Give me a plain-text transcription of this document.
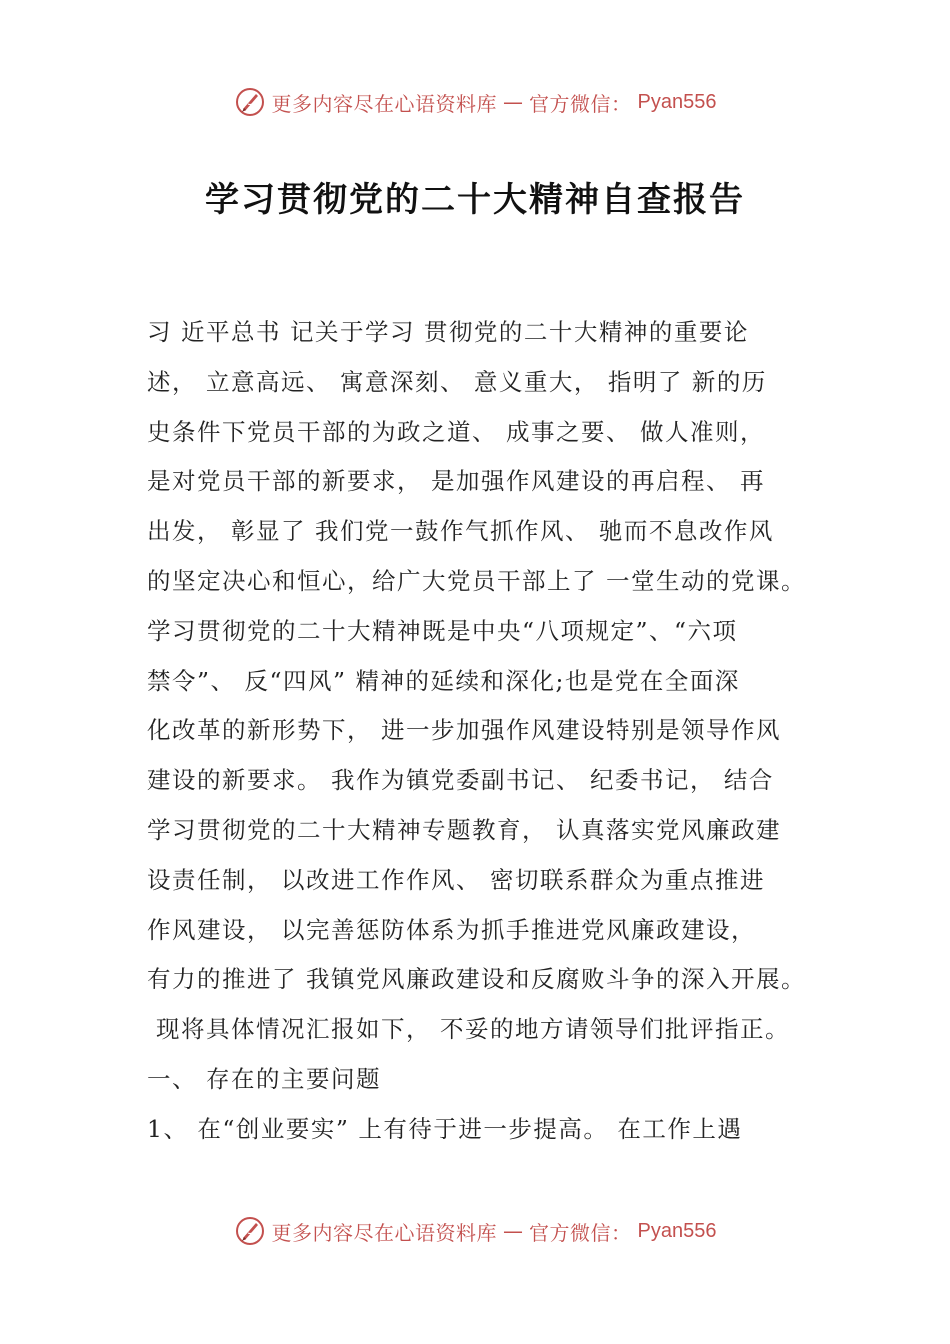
更多内容尽在心语资料库 — 官方微信： Pyan556
学习贯彻党的二十大精神自查报告
习 近平总书 记关于学习 贯彻党的二十大精神的重要论
述， 立意高远、 寓意深刻、 意义重大， 指明了 新的历
史条件下党员干部的为政之道、 成事之要、 做人准则，
是对党员干部的新要求， 是加强作风建设的再启程、 再
出发， 彰显了 我们党一鼓作气抓作风、 驰而不息改作风
的坚定决心和恒心，给广大党员干部上了 一堂生动的党课。
学习贯彻党的二十大精神既是中央“八项规定”、“六项
禁令”、 反“四风” 精神的延续和深化;也是党在全面深
化改革的新形势下， 进一步加强作风建设特别是领导作风
建设的新要求。 我作为镇党委副书记、 纪委书记， 结合
学习贯彻党的二十大精神专题教育， 认真落实党风廉政建
设责任制， 以改进工作作风、 密切联系群众为重点推进
作风建设， 以完善惩防体系为抓手推进党风廉政建设，
有力的推进了 我镇党风廉政建设和反腐败斗争的深入开展。
现将具体情况汇报如下， 不妥的地方请领导们批评指正。
一、 存在的主要问题
1、 在“创业要实” 上有待于进一步提高。 在工作上遇
更多内容尽在心语资料库 — 官方微信： Pyan556
